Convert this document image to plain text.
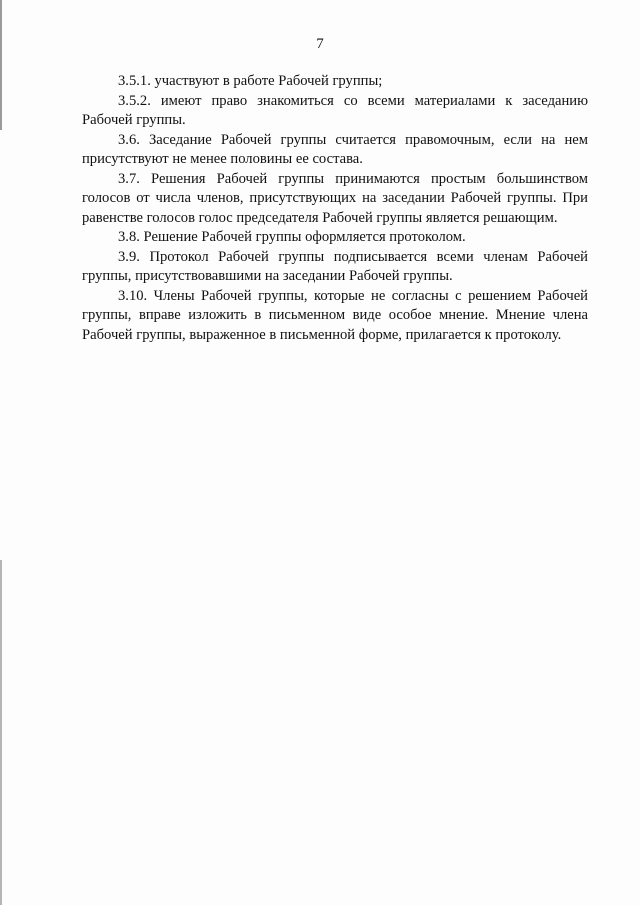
7

3.5.1. участвуют в работе Рабочей группы;

3.5.2. имеют право знакомиться со всеми материалами к заседанию Рабочей группы.

3.6. Заседание Рабочей группы считается правомочным, если на нем присутствуют не менее половины ее состава.

3.7. Решения Рабочей группы принимаются простым большинством голосов от числа членов, присутствующих на заседании Рабочей группы. При равенстве голосов голос председателя Рабочей группы является решающим.

3.8. Решение Рабочей группы оформляется протоколом.

3.9. Протокол Рабочей группы подписывается всеми членам Рабочей группы, присутствовавшими на заседании Рабочей группы.

3.10. Члены Рабочей группы, которые не согласны с решением Рабочей группы, вправе изложить в письменном виде особое мнение. Мнение члена Рабочей группы, выраженное в письменной форме, прилагается к протоколу.
